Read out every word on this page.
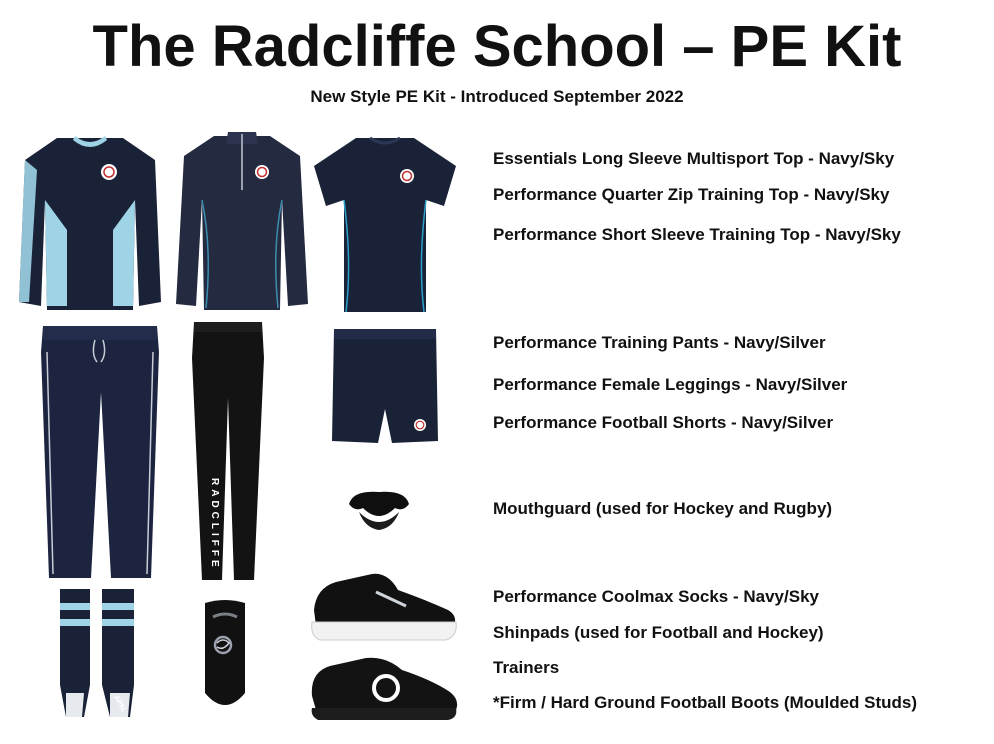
The Radcliffe School – PE Kit
New Style PE Kit - Introduced September 2022
Essentials Long Sleeve Multisport Top - Navy/Sky
Performance Quarter Zip Training Top - Navy/Sky
Performance Short Sleeve Training Top - Navy/Sky
Performance Training Pants - Navy/Silver
Performance Female Leggings - Navy/Silver
Performance Football Shorts - Navy/Silver
Mouthguard (used for Hockey and Rugby)
Performance Coolmax Socks - Navy/Sky
Shinpads (used for Football and Hockey)
Trainers
*Firm / Hard Ground Football Boots (Moulded Studs)
RADCLIFFE
APAL
